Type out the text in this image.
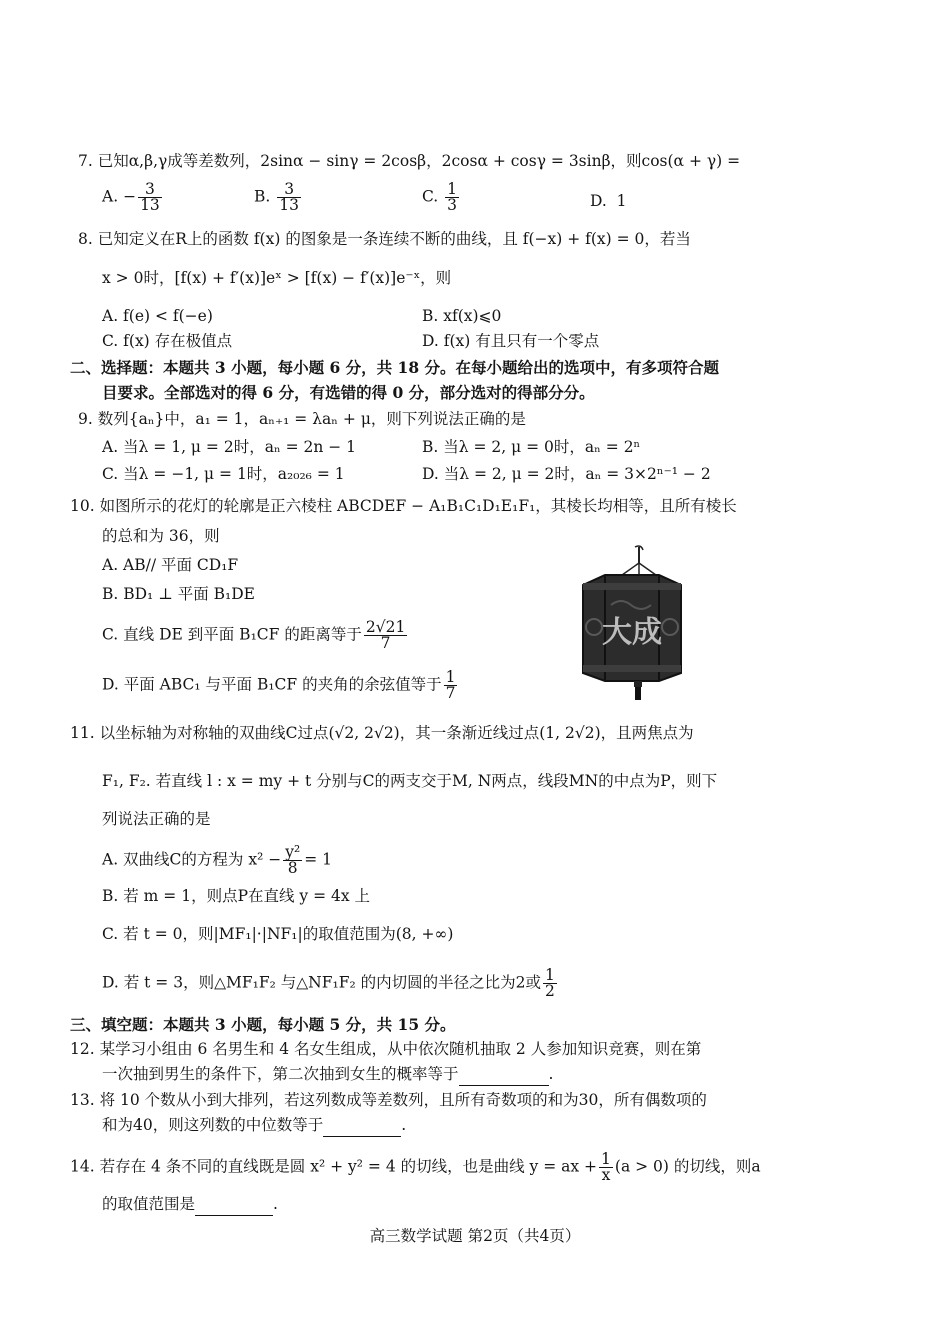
7. 已知α,β,γ成等差数列，2sinα − sinγ = 2cosβ，2cosα + cosγ = 3sinβ，则cos(α + γ) =
A. − $\frac{3}{13}$	B. $\frac{3}{13}$	C. $\frac{1}{3}$	D. 1
8. 已知定义在R上的函数 f(x) 的图象是一条连续不断的曲线，且 f(−x) + f(x) = 0，若当
x > 0时，[f(x) + f′(x)]eˣ > [f(x) − f′(x)]e⁻ˣ，则
A. f(e) < f(−e)	B. xf(x)⩽0
C. f(x) 存在极值点	D. f(x) 有且只有一个零点
二、选择题：本题共 3 小题，每小题 6 分，共 18 分。在每小题给出的选项中，有多项符合题
目要求。全部选对的得 6 分，有选错的得 0 分，部分选对的得部分分。
9. 数列{aₙ}中，a₁ = 1，aₙ₊₁ = λaₙ + μ，则下列说法正确的是
A. 当λ = 1, μ = 2时，aₙ = 2n − 1	B. 当λ = 2, μ = 0时，aₙ = 2ⁿ
C. 当λ = −1, μ = 1时，a₂₀₂₆ = 1	D. 当λ = 2, μ = 2时，aₙ = 3×2ⁿ⁻¹ − 2
10. 如图所示的花灯的轮廓是正六棱柱 ABCDEF − A₁B₁C₁D₁E₁F₁，其棱长均相等，且所有棱长
的总和为 36，则
A. AB// 平面 CD₁F
B. BD₁ ⊥ 平面 B₁DE
C. 直线 DE 到平面 B₁CF 的距离等于 $\frac{2√21}{7}$
D. 平面 ABC₁ 与平面 B₁CF 的夹角的余弦值等于 $\frac{1}{7}$
大成
11. 以坐标轴为对称轴的双曲线C过点(√2, 2√2)，其一条渐近线过点(1, 2√2)，且两焦点为
F₁, F₂. 若直线 l : x = my + t 分别与C的两支交于M, N两点，线段MN的中点为P，则下
列说法正确的是
A. 双曲线C的方程为 $x^2 - \frac{\text{y²}}{8} = 1$
B. 若 m = 1，则点P在直线 y = 4x 上
C. 若 t = 0，则|MF₁|·|NF₁|的取值范围为(8, +∞)
D. 若 t = 3，则△MF₁F₂ 与△NF₁F₂ 的内切圆的半径之比为2或 $\frac{1}{2}$
三、填空题：本题共 3 小题，每小题 5 分，共 15 分。
12. 某学习小组由 6 名男生和 4 名女生组成，从中依次随机抽取 2 人参加知识竞赛，则在第
一次抽到男生的条件下，第二次抽到女生的概率等于	.
13. 将 10 个数从小到大排列，若这列数成等差数列，且所有奇数项的和为30，所有偶数项的
和为40，则这列数的中位数等于	.
14. 若存在 4 条不同的直线既是圆 x² + y² = 4 的切线，也是曲线 y = ax + $\frac{1}{x} (a > 0)$ 的切线，则a
的取值范围是	.
高三数学试题 第2页（共4页）
